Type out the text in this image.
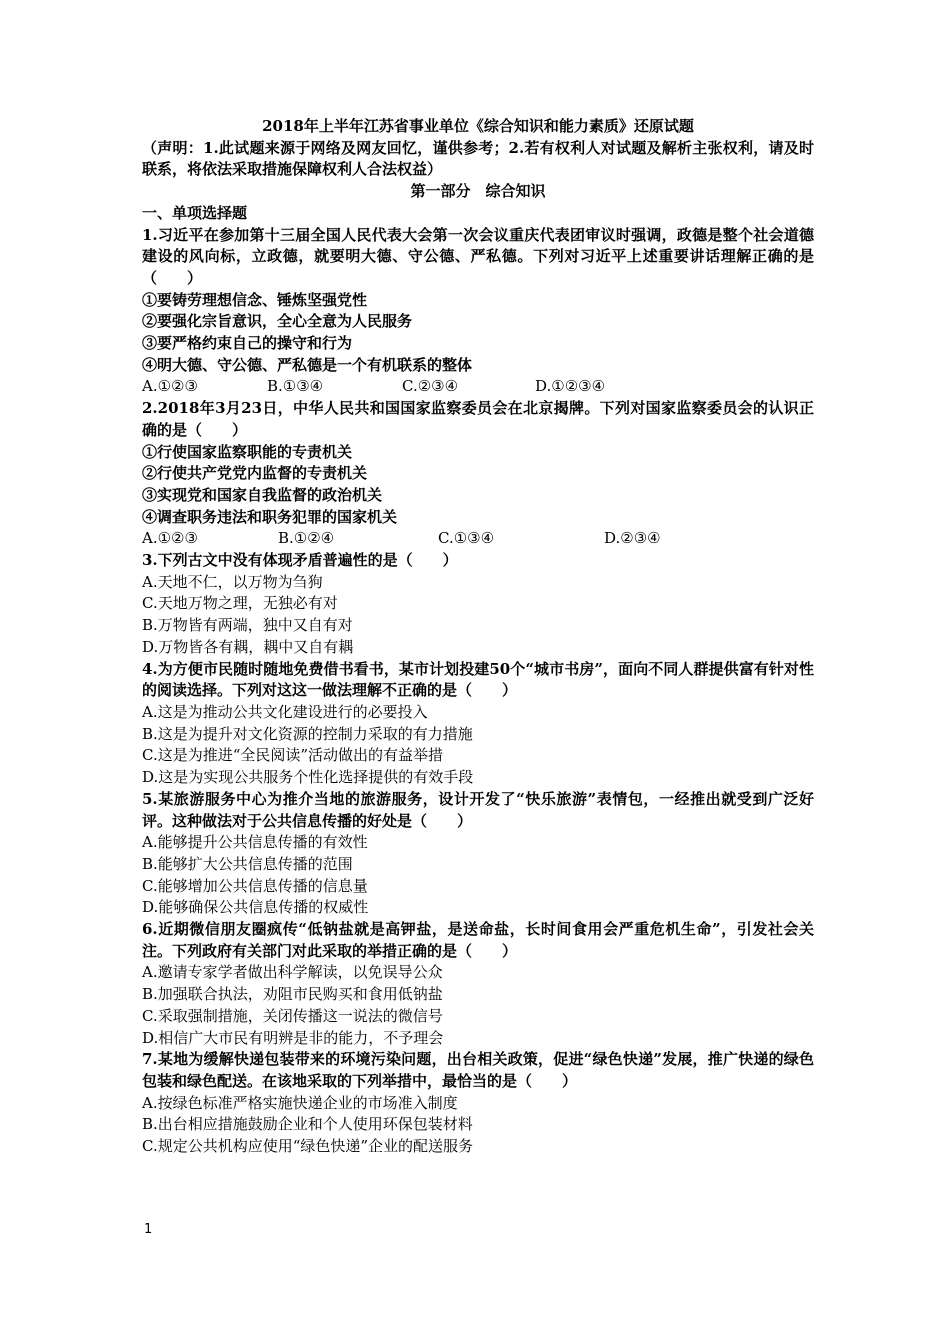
2018年上半年江苏省事业单位《综合知识和能力素质》还原试题
（声明：1.此试题来源于网络及网友回忆，谨供参考；2.若有权利人对试题及解析主张权利，请及时联系，将依法采取措施保障权利人合法权益）
第一部分　综合知识
一、单项选择题
1.习近平在参加第十三届全国人民代表大会第一次会议重庆代表团审议时强调，政德是整个社会道德建设的风向标，立政德，就要明大德、守公德、严私德。下列对习近平上述重要讲话理解正确的是（　　）
①要铸劳理想信念、锤炼坚强党性
②要强化宗旨意识，全心全意为人民服务
③要严格约束自己的操守和行为
④明大德、守公德、严私德是一个有机联系的整体
A.①②③	B.①③④	C.②③④	D.①②③④
2.2018年3月23日，中华人民共和国国家监察委员会在北京揭牌。下列对国家监察委员会的认识正确的是（　　）
①行使国家监察职能的专责机关
②行使共产党党内监督的专责机关
③实现党和国家自我监督的政治机关
④调查职务违法和职务犯罪的国家机关
A.①②③	B.①②④	C.①③④	D.②③④
3.下列古文中没有体现矛盾普遍性的是（　　）
A.天地不仁，以万物为刍狗
C.天地万物之理，无独必有对
B.万物皆有两端，独中又自有对
D.万物皆各有耦，耦中又自有耦
4.为方便市民随时随地免费借书看书，某市计划投建50个“城市书房”，面向不同人群提供富有针对性的阅读选择。下列对这这一做法理解不正确的是（　　）
A.这是为推动公共文化建设进行的必要投入
B.这是为提升对文化资源的控制力采取的有力措施
C.这是为推进“全民阅读”活动做出的有益举措
D.这是为实现公共服务个性化选择提供的有效手段
5.某旅游服务中心为推介当地的旅游服务，设计开发了“快乐旅游”表情包，一经推出就受到广泛好评。这种做法对于公共信息传播的好处是（　　）
A.能够提升公共信息传播的有效性
B.能够扩大公共信息传播的范围
C.能够增加公共信息传播的信息量
D.能够确保公共信息传播的权威性
6.近期微信朋友圈疯传“低钠盐就是高钾盐，是送命盐，长时间食用会严重危机生命”，引发社会关注。下列政府有关部门对此采取的举措正确的是（　　）
A.邀请专家学者做出科学解读，以免误导公众
B.加强联合执法，劝阻市民购买和食用低钠盐
C.采取强制措施，关闭传播这一说法的微信号
D.相信广大市民有明辨是非的能力，不予理会
7.某地为缓解快递包装带来的环境污染问题，出台相关政策，促进“绿色快递”发展，推广快递的绿色包装和绿色配送。在该地采取的下列举措中，最恰当的是（　　）
A.按绿色标准严格实施快递企业的市场准入制度
B.出台相应措施鼓励企业和个人使用环保包装材料
C.规定公共机构应使用“绿色快递”企业的配送服务
1
